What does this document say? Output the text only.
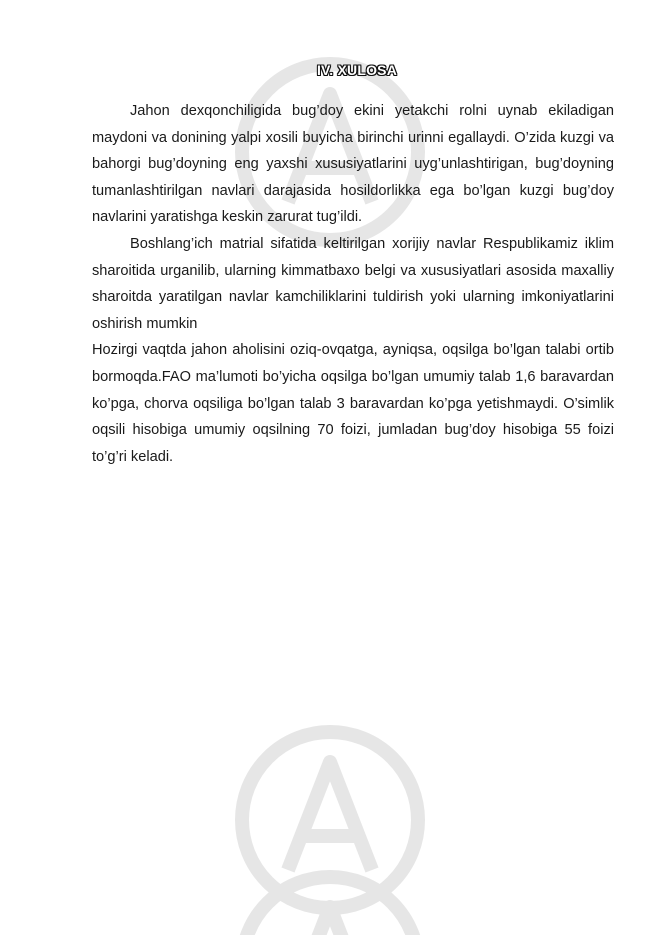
IV. XULOSA

Jahon dexqonchiligida bug’doy ekini yetakchi rolni uynab ekiladigan maydoni va donining yalpi xosili buyicha birinchi urinni egallaydi. O’zida kuzgi va bahorgi bug’doyning eng yaxshi xususiyatlarini uyg’unlashtirigan, bug’doyning tumanlashtirilgan navlari darajasida hosildorlikka ega bo’lgan kuzgi bug’doy navlarini yaratishga keskin zarurat tug’ildi.

Boshlang’ich matrial sifatida keltirilgan xorijiy navlar Respublikamiz iklim sharoitida urganilib, ularning kimmatbaxo belgi va xususiyatlari asosida maxalliy sharoitda yaratilgan navlar kamchiliklarini tuldirish yoki ularning imkoniyatlarini oshirish mumkin

Hozirgi vaqtda jahon aholisini oziq-ovqatga, ayniqsa, oqsilga bo’lgan talabi ortib bormoqda.FAO ma’lumoti bo’yicha oqsilga bo’lgan umumiy talab 1,6 baravardan ko’pga, chorva oqsiliga bo’lgan talab 3 baravardan ko’pga yetishmaydi. O’simlik oqsili hisobiga umumiy oqsilning 70 foizi, jumladan bug’doy hisobiga 55 foizi to’g’ri keladi.
